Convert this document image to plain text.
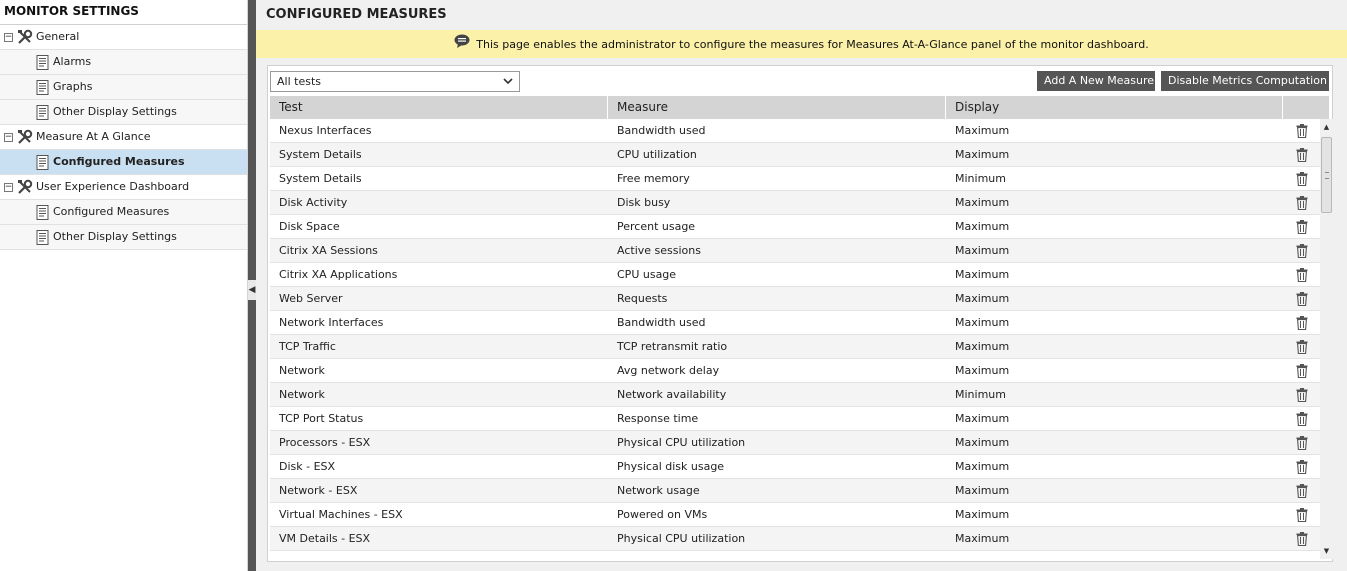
MONITOR SETTINGS
− General
Alarms
Graphs
Other Display Settings
− Measure At A Glance
Configured Measures
− User Experience Dashboard
Configured Measures
Other Display Settings
◀
CONFIGURED MEASURES
This page enables the administrator to configure the measures for Measures At-A-Glance panel of the monitor dashboard.
All tests	Add A New Measure	Disable Metrics Computation
Test	Measure	Display
Nexus Interfaces	Bandwidth used	Maximum
System Details	CPU utilization	Maximum
System Details	Free memory	Minimum
Disk Activity	Disk busy	Maximum
Disk Space	Percent usage	Maximum
Citrix XA Sessions	Active sessions	Maximum
Citrix XA Applications	CPU usage	Maximum
Web Server	Requests	Maximum
Network Interfaces	Bandwidth used	Maximum
TCP Traffic	TCP retransmit ratio	Maximum
Network	Avg network delay	Maximum
Network	Network availability	Minimum
TCP Port Status	Response time	Maximum
Processors - ESX	Physical CPU utilization	Maximum
Disk - ESX	Physical disk usage	Maximum
Network - ESX	Network usage	Maximum
Virtual Machines - ESX	Powered on VMs	Maximum
VM Details - ESX	Physical CPU utilization	Maximum
▲
▼
